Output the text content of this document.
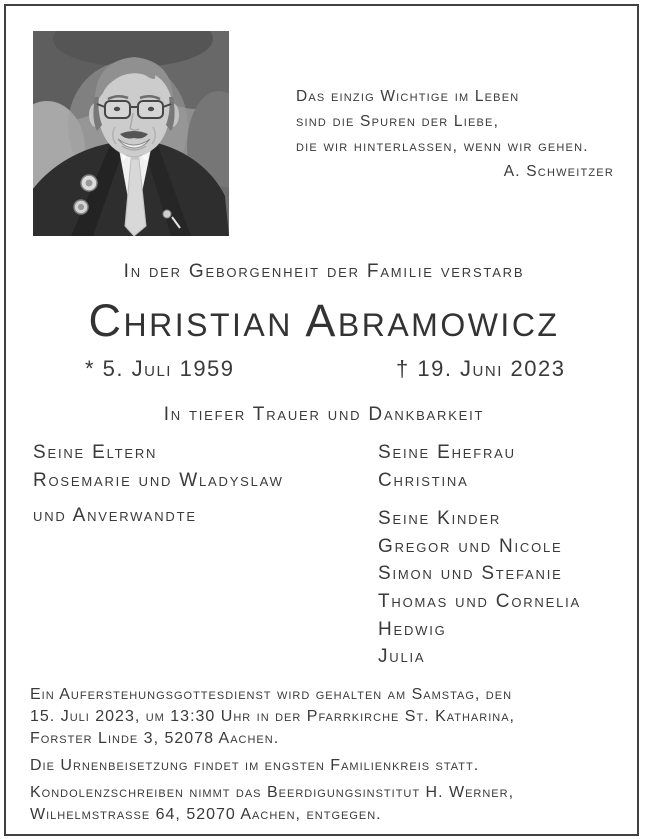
Das einzig Wichtige im Leben
sind die Spuren der Liebe,
die wir hinterlassen, wenn wir gehen.
A. Schweitzer
In der Geborgenheit der Familie verstarb
Christian Abramowicz
* 5. Juli 1959	† 19. Juni 2023
In tiefer Trauer und Dankbarkeit
Seine Eltern
Rosemarie und Wladyslaw
und Anverwandte
Seine Ehefrau
Christina
Seine Kinder
Gregor und Nicole
Simon und Stefanie
Thomas und Cornelia
Hedwig
Julia
Ein Auferstehungsgottesdienst wird gehalten am Samstag, den
15. Juli 2023, um 13:30 Uhr in der Pfarrkirche St. Katharina,
Forster Linde 3, 52078 Aachen.
Die Urnenbeisetzung findet im engsten Familienkreis statt.
Kondolenzschreiben nimmt das Beerdigungsinstitut H. Werner,
Wilhelmstrasse 64, 52070 Aachen, entgegen.
